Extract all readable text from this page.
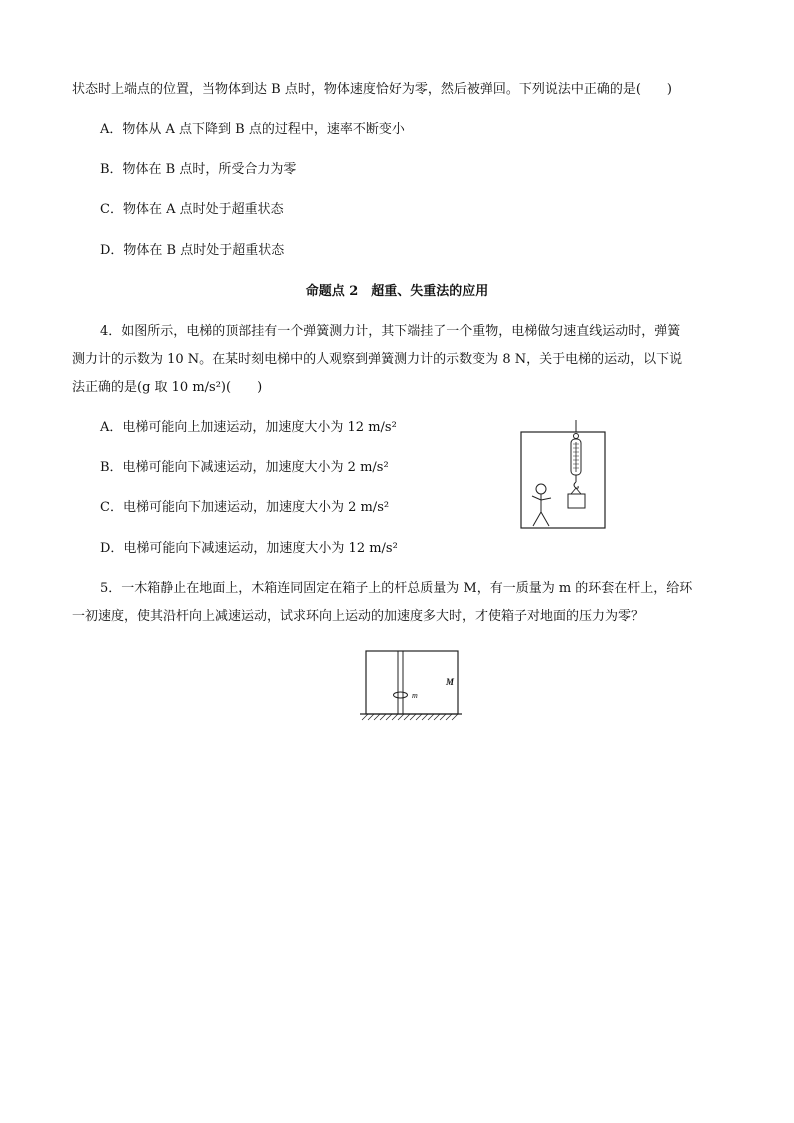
状态时上端点的位置，当物体到达 B 点时，物体速度恰好为零，然后被弹回。下列说法中正确的是(　　)
A．物体从 A 点下降到 B 点的过程中，速率不断变小
B．物体在 B 点时，所受合力为零
C．物体在 A 点时处于超重状态
D．物体在 B 点时处于超重状态
命题点 2　超重、失重法的应用
4．如图所示，电梯的顶部挂有一个弹簧测力计，其下端挂了一个重物，电梯做匀速直线运动时，弹簧
测力计的示数为 10 N。在某时刻电梯中的人观察到弹簧测力计的示数变为 8 N，关于电梯的运动，以下说
法正确的是(g 取 10 m/s²)(　　)
A．电梯可能向上加速运动，加速度大小为 12 m/s²
B．电梯可能向下减速运动，加速度大小为 2 m/s²
C．电梯可能向下加速运动，加速度大小为 2 m/s²
D．电梯可能向下减速运动，加速度大小为 12 m/s²
5．一木箱静止在地面上，木箱连同固定在箱子上的杆总质量为 M，有一质量为 m 的环套在杆上，给环
一初速度，使其沿杆向上减速运动，试求环向上运动的加速度多大时，才使箱子对地面的压力为零？
m
M
